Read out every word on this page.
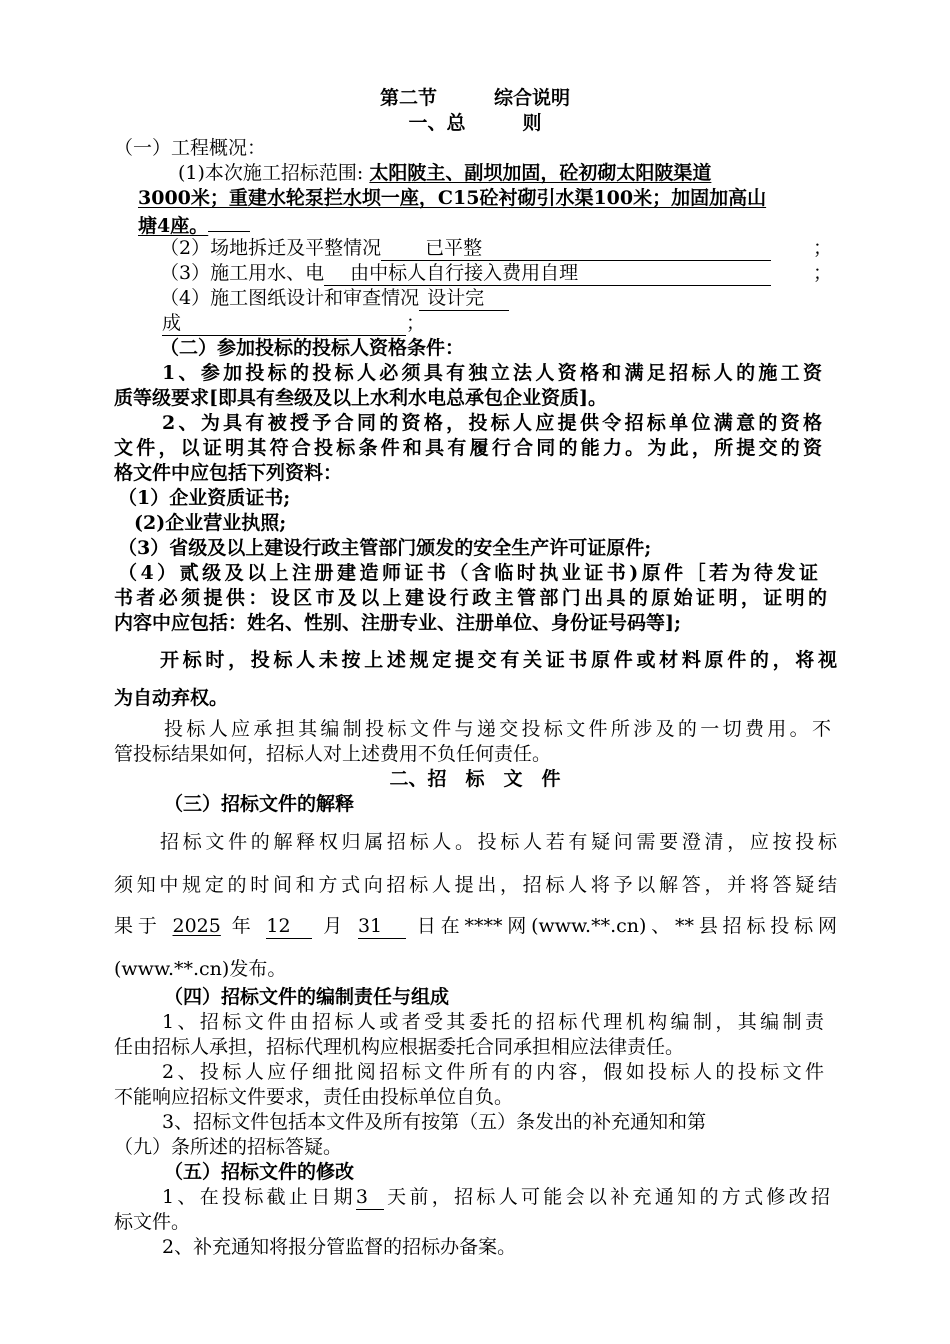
第二节　　　综合说明
一、总　　　则
（一）工程概况：
(1)本次施工招标范围: 太阳陂主、副坝加固，砼初砌太阳陂渠道
3000米；重建水轮泵拦水坝一座，C15砼衬砌引水渠100米；加固加高山
塘4座。
（2）场地拆迁及平整情况 已平整	；
（3）施工用水、电 由中标人自行接入费用自理	；
（4）施工图纸设计和审查情况 设计完
成	；
（二）参加投标的投标人资格条件：
1、参加投标的投标人必须具有独立法人资格和满足招标人的施工资
质等级要求[即具有叁级及以上水利水电总承包企业资质]。
2、为具有被授予合同的资格，投标人应提供令招标单位满意的资格
文件，以证明其符合投标条件和具有履行合同的能力。为此，所提交的资
格文件中应包括下列资料：
（1）企业资质证书;
(2)企业营业执照;
（3）省级及以上建设行政主管部门颁发的安全生产许可证原件;
（4）贰级及以上注册建造师证书（含临时执业证书)原件［若为待发证
书者必须提供：设区市及以上建设行政主管部门出具的原始证明，证明的
内容中应包括：姓名、性别、注册专业、注册单位、身份证号码等];
开标时，投标人未按上述规定提交有关证书原件或材料原件的，将视
为自动弃权。
投标人应承担其编制投标文件与递交投标文件所涉及的一切费用。不
管投标结果如何，招标人对上述费用不负任何责任。
二、招　标　文　件
（三）招标文件的解释
招标文件的解释权归属招标人。投标人若有疑问需要澄清，应按投标
须知中规定的时间和方式向招标人提出，招标人将予以解答，并将答疑结
果于 2025 年 12 月 31 日在****网(www.**.cn)、**县招标投标网
(www.**.cn)发布。
（四）招标文件的编制责任与组成
1、招标文件由招标人或者受其委托的招标代理机构编制，其编制责
任由招标人承担，招标代理机构应根据委托合同承担相应法律责任。
2、投标人应仔细批阅招标文件所有的内容，假如投标人的投标文件
不能响应招标文件要求，责任由投标单位自负。
3、招标文件包括本文件及所有按第（五）条发出的补充通知和第
（九）条所述的招标答疑。
（五）招标文件的修改
1、在投标截止日期3 天前，招标人可能会以补充通知的方式修改招
标文件。
2、补充通知将报分管监督的招标办备案。
